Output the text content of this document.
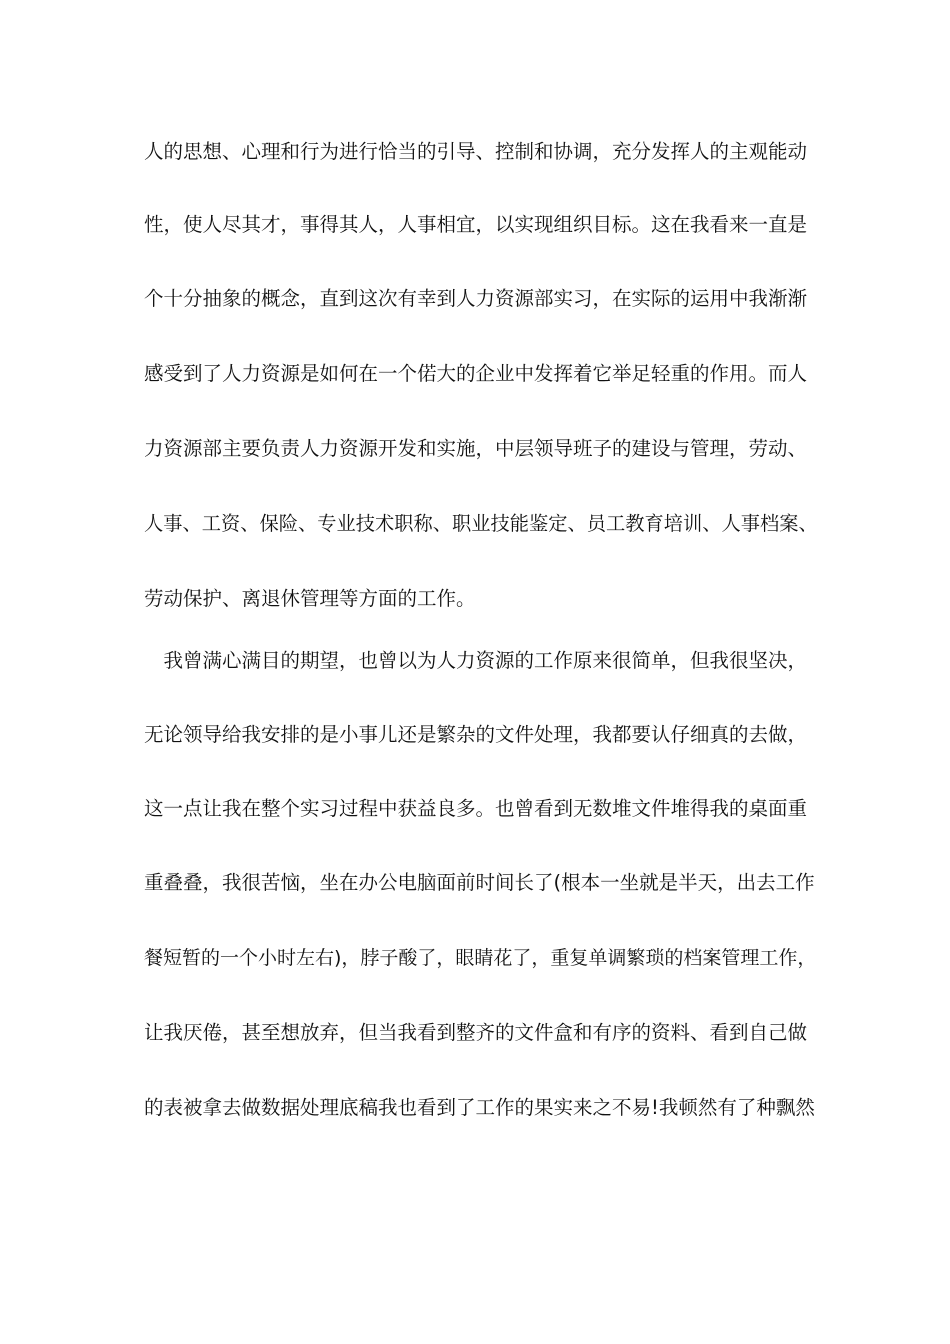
人的思想、心理和行为进行恰当的引导、控制和协调，充分发挥人的主观能动
性，使人尽其才，事得其人，人事相宜，以实现组织目标。这在我看来一直是
个十分抽象的概念，直到这次有幸到人力资源部实习，在实际的运用中我渐渐
感受到了人力资源是如何在一个偌大的企业中发挥着它举足轻重的作用。而人
力资源部主要负责人力资源开发和实施，中层领导班子的建设与管理，劳动、
人事、工资、保险、专业技术职称、职业技能鉴定、员工教育培训、人事档案、
劳动保护、离退休管理等方面的工作。
　我曾满心满目的期望，也曾以为人力资源的工作原来很简单，但我很坚决，
无论领导给我安排的是小事儿还是繁杂的文件处理，我都要认仔细真的去做，
这一点让我在整个实习过程中获益良多。也曾看到无数堆文件堆得我的桌面重
重叠叠，我很苦恼，坐在办公电脑面前时间长了(根本一坐就是半天，出去工作
餐短暂的一个小时左右)，脖子酸了，眼睛花了，重复单调繁琐的档案管理工作，
让我厌倦，甚至想放弃，但当我看到整齐的文件盒和有序的资料、看到自己做
的表被拿去做数据处理底稿我也看到了工作的果实来之不易!我顿然有了种飘然
